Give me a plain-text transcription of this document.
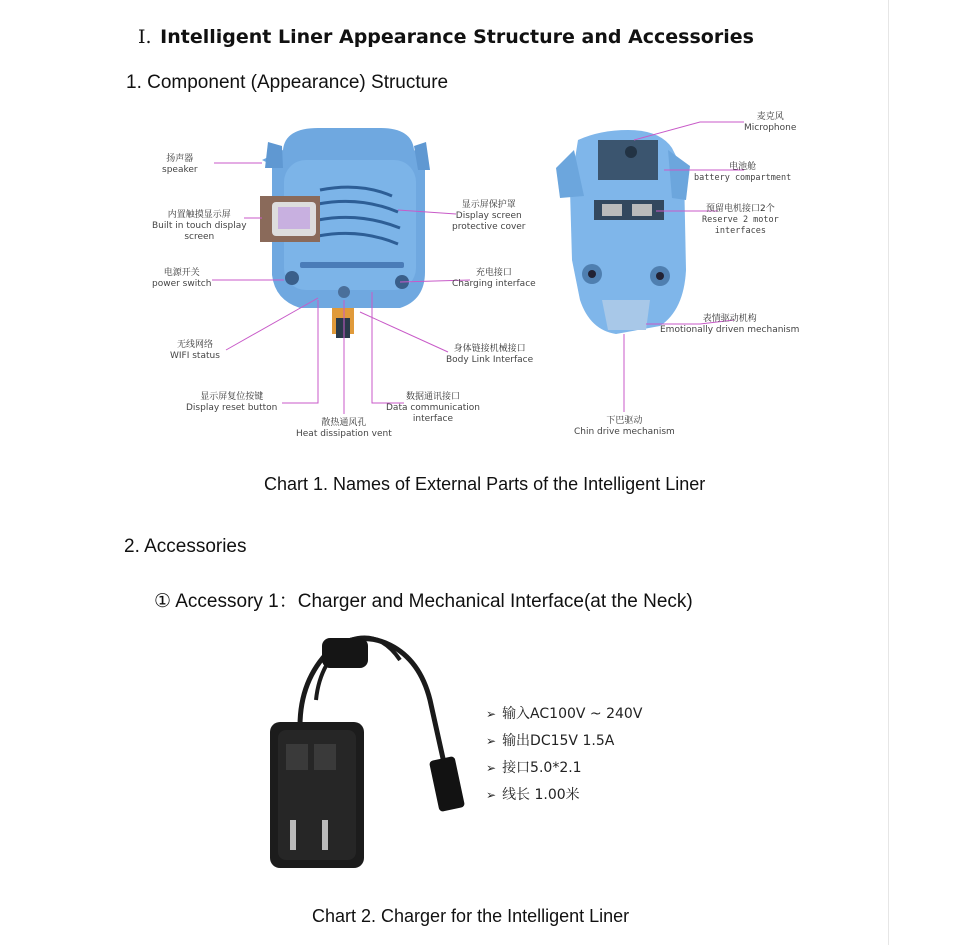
Ⅰ. Intelligent Liner Appearance Structure and Accessories
1. Component (Appearance) Structure
扬声器
speaker
内置触摸显示屏
Built in touch display
screen
电源开关
power switch
无线网络
WIFI status
显示屏复位按键
Display reset button
散热通风孔
Heat dissipation vent
数据通讯接口
Data communication
interface
身体链接机械接口
Body Link Interface
充电接口
Charging interface
显示屏保护罩
Display screen
protective cover
麦克风
Microphone
电池舱
battery compartment
预留电机接口2个
Reserve 2 motor
interfaces
表情驱动机构
Emotionally driven mechanism
下巴驱动
Chin drive mechanism
Chart 1. Names of External Parts of the Intelligent Liner
2. Accessories
① Accessory 1：Charger and Mechanical Interface(at the Neck)
➢ 输入AC100V ~ 240V
➢ 输出DC15V 1.5A
➢ 接口5.0*2.1
➢ 线长 1.00米
Chart 2. Charger for the Intelligent Liner
